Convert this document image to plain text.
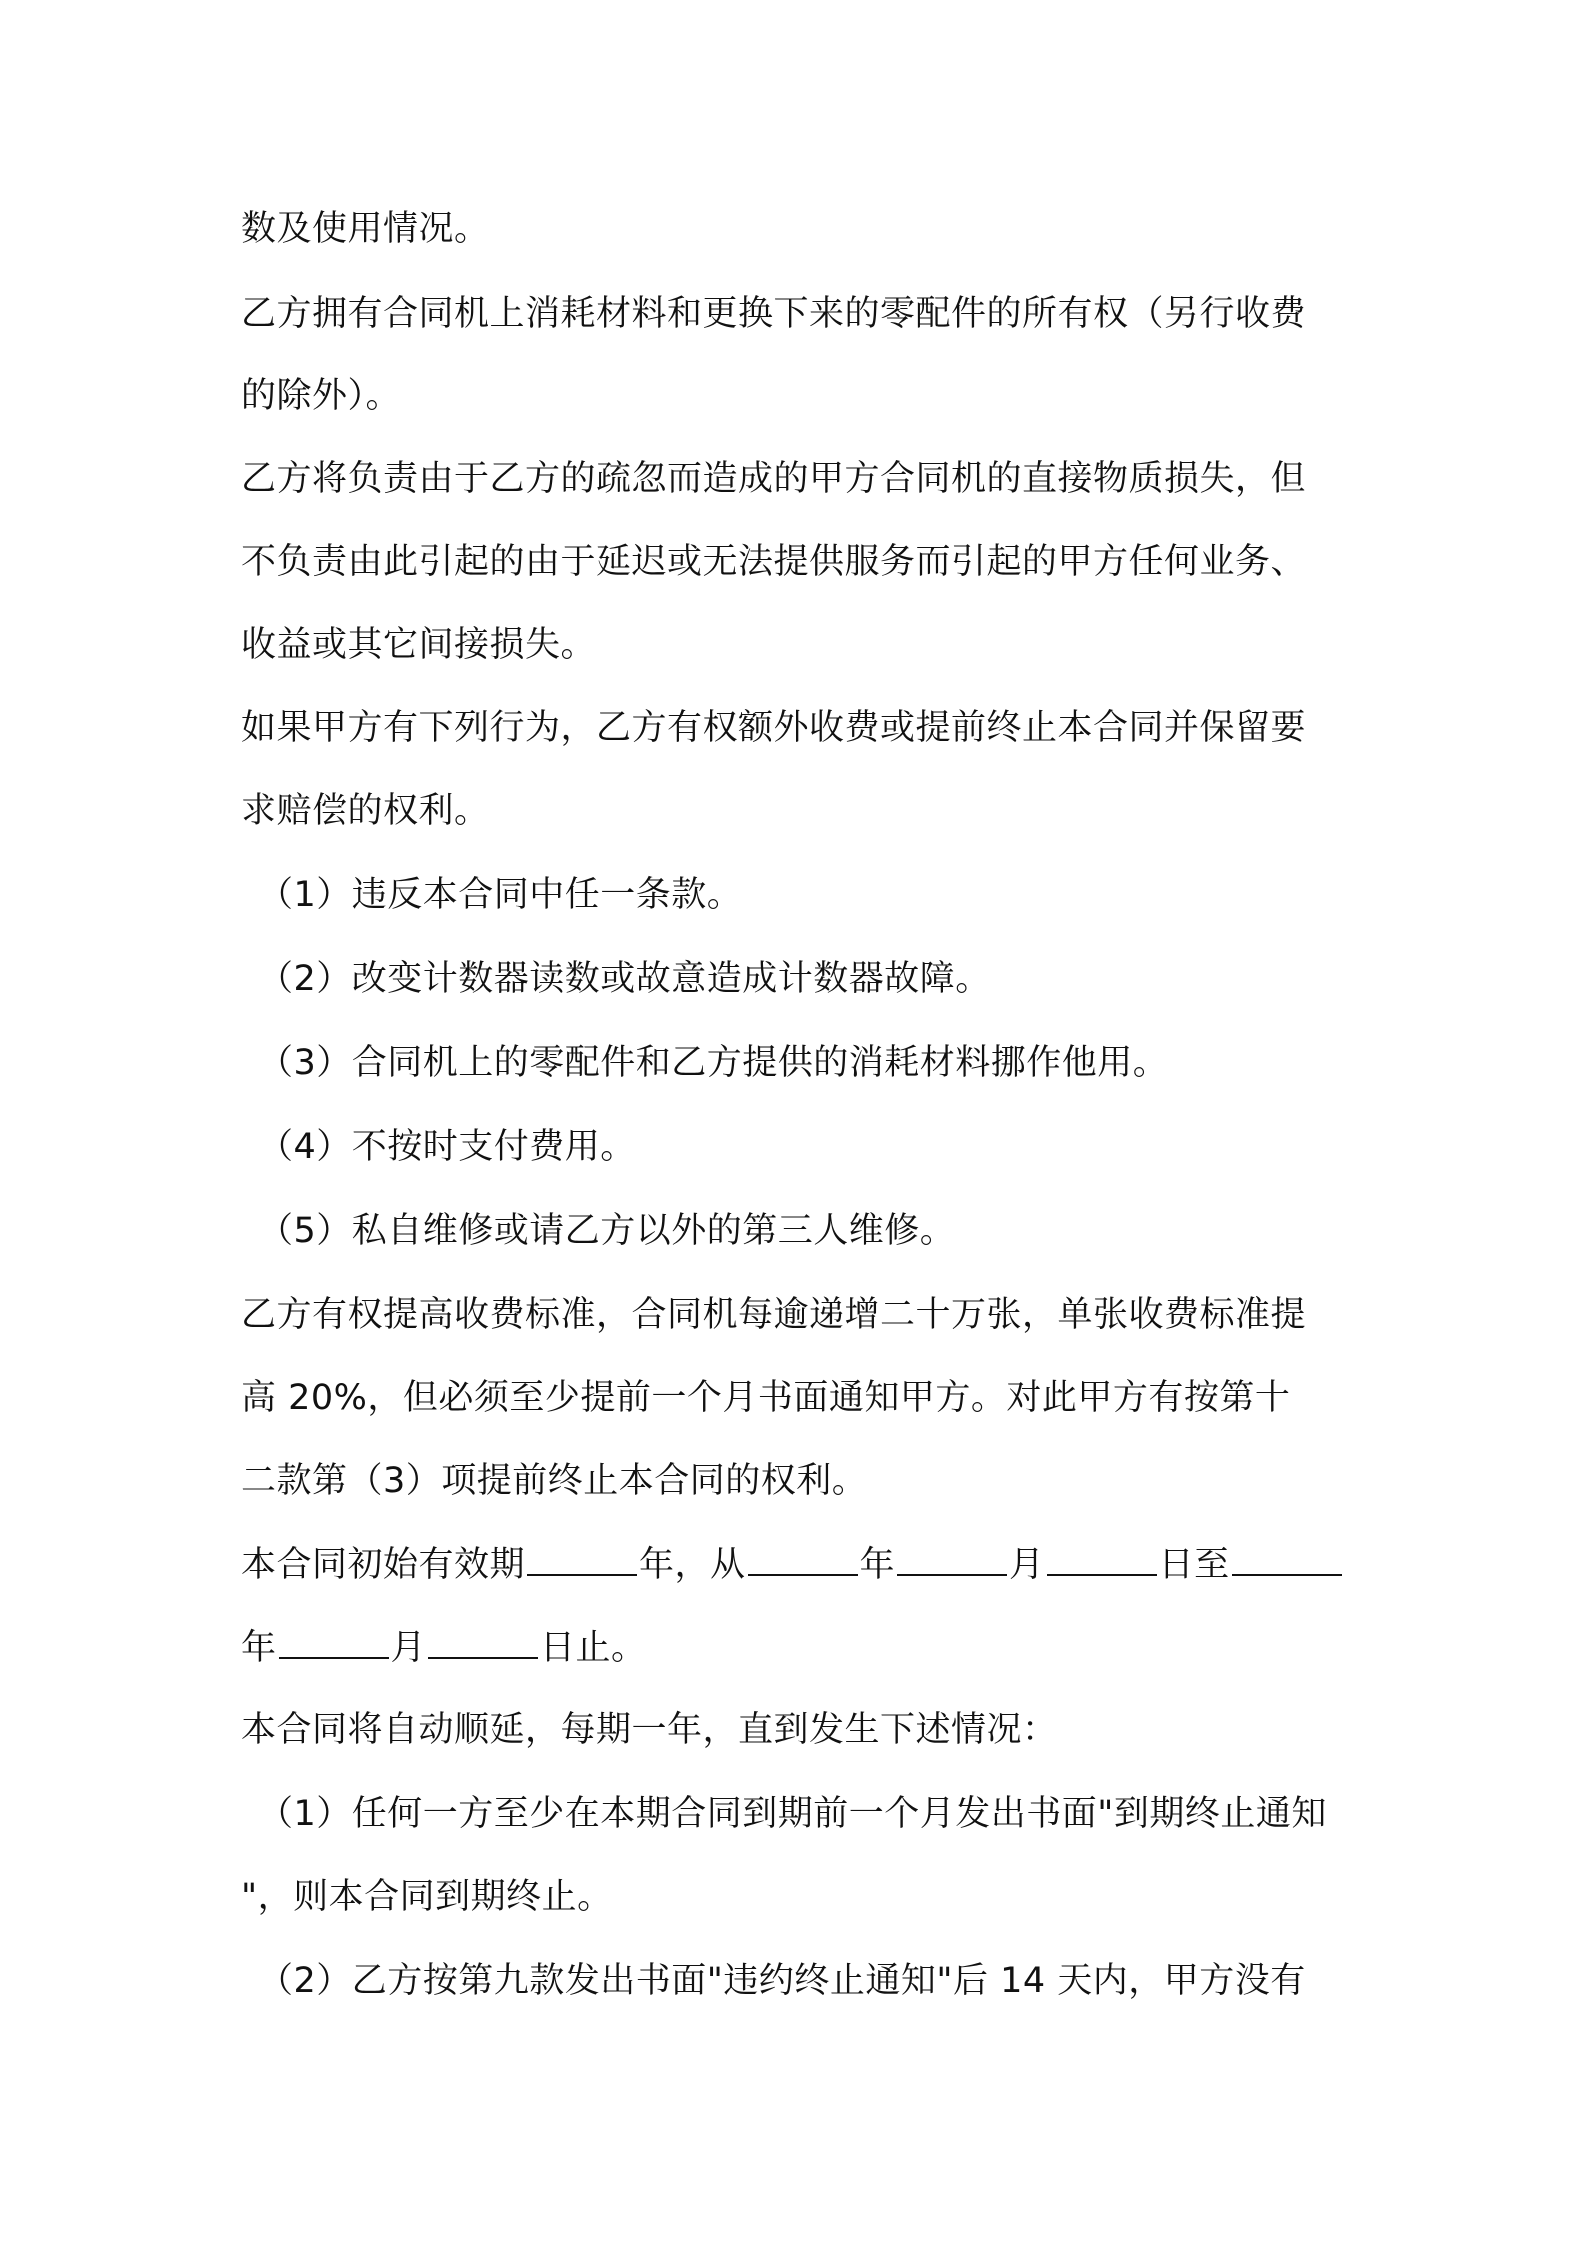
数及使用情况。
乙方拥有合同机上消耗材料和更换下来的零配件的所有权（另行收费
的除外）。
乙方将负责由于乙方的疏忽而造成的甲方合同机的直接物质损失，但
不负责由此引起的由于延迟或无法提供服务而引起的甲方任何业务、
收益或其它间接损失。
如果甲方有下列行为，乙方有权额外收费或提前终止本合同并保留要
求赔偿的权利。
（1）违反本合同中任一条款。
（2）改变计数器读数或故意造成计数器故障。
（3）合同机上的零配件和乙方提供的消耗材料挪作他用。
（4）不按时支付费用。
（5）私自维修或请乙方以外的第三人维修。
乙方有权提高收费标准，合同机每逾递增二十万张，单张收费标准提
高 20%，但必须至少提前一个月书面通知甲方。对此甲方有按第十
二款第（3）项提前终止本合同的权利。
本合同初始有效期	年，从	年	月	日至
年	月	日止。
本合同将自动顺延，每期一年，直到发生下述情况：
（1）任何一方至少在本期合同到期前一个月发出书面"到期终止通知
"，则本合同到期终止。
（2）乙方按第九款发出书面"违约终止通知"后 14 天内，甲方没有
